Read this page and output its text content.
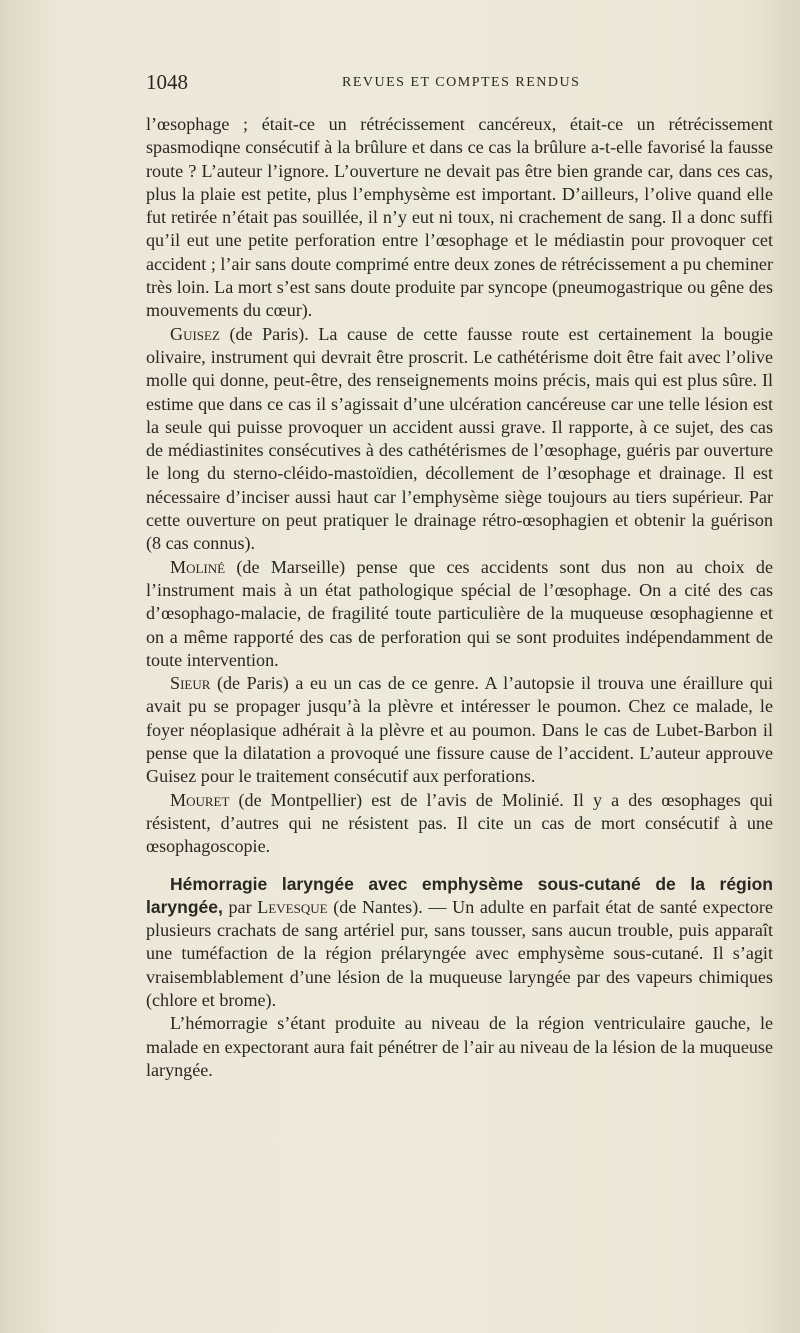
1048	REVUES ET COMPTES RENDUS

l’œsophage ; était-ce un rétrécissement cancéreux, était-ce un rétrécissement spasmodiqne consécutif à la brûlure et dans ce cas la brûlure a-t-elle favorisé la fausse route ? L’auteur l’ignore. L’ouverture ne devait pas être bien grande car, dans ces cas, plus la plaie est petite, plus l’emphysème est important. D’ailleurs, l’olive quand elle fut retirée n’était pas souillée, il n’y eut ni toux, ni crachement de sang. Il a donc suffi qu’il eut une petite perforation entre l’œsophage et le médiastin pour provoquer cet accident ; l’air sans doute comprimé entre deux zones de rétrécissement a pu cheminer très loin. La mort s’est sans doute produite par syncope (pneumogastrique ou gêne des mouvements du cœur).

Guisez (de Paris). La cause de cette fausse route est certainement la bougie olivaire, instrument qui devrait être proscrit. Le cathétérisme doit être fait avec l’olive molle qui donne, peut-être, des renseignements moins précis, mais qui est plus sûre. Il estime que dans ce cas il s’agissait d’une ulcération cancéreuse car une telle lésion est la seule qui puisse provoquer un accident aussi grave. Il rapporte, à ce sujet, des cas de médiastinites consécutives à des cathétérismes de l’œsophage, guéris par ouverture le long du sterno-cléido-mastoïdien, décollement de l’œsophage et drainage. Il est nécessaire d’inciser aussi haut car l’emphysème siège toujours au tiers supérieur. Par cette ouverture on peut pratiquer le drainage rétro-œsophagien et obtenir la guérison (8 cas connus).

Moliné (de Marseille) pense que ces accidents sont dus non au choix de l’instrument mais à un état pathologique spécial de l’œsophage. On a cité des cas d’œsophago-malacie, de fragilité toute particulière de la muqueuse œsophagienne et on a même rapporté des cas de perforation qui se sont produites indépendamment de toute intervention.

Sieur (de Paris) a eu un cas de ce genre. A l’autopsie il trouva une éraillure qui avait pu se propager jusqu’à la plèvre et intéresser le poumon. Chez ce malade, le foyer néoplasique adhérait à la plèvre et au poumon. Dans le cas de Lubet-Barbon il pense que la dilatation a provoqué une fissure cause de l’accident. L’auteur approuve Guisez pour le traitement consécutif aux perforations.

Mouret (de Montpellier) est de l’avis de Molinié. Il y a des œsophages qui résistent, d’autres qui ne résistent pas. Il cite un cas de mort consécutif à une œsophagoscopie.

Hémorragie laryngée avec emphysème sous-cutané de la région laryngée, par Levesque (de Nantes). — Un adulte en parfait état de santé expectore plusieurs crachats de sang artériel pur, sans tousser, sans aucun trouble, puis apparaît une tuméfaction de la région prélaryngée avec emphysème sous-cutané. Il s’agit vraisemblablement d’une lésion de la muqueuse laryngée par des vapeurs chimiques (chlore et brome).

L’hémorragie s’étant produite au niveau de la région ventriculaire gauche, le malade en expectorant aura fait pénétrer de l’air au niveau de la lésion de la muqueuse laryngée.
